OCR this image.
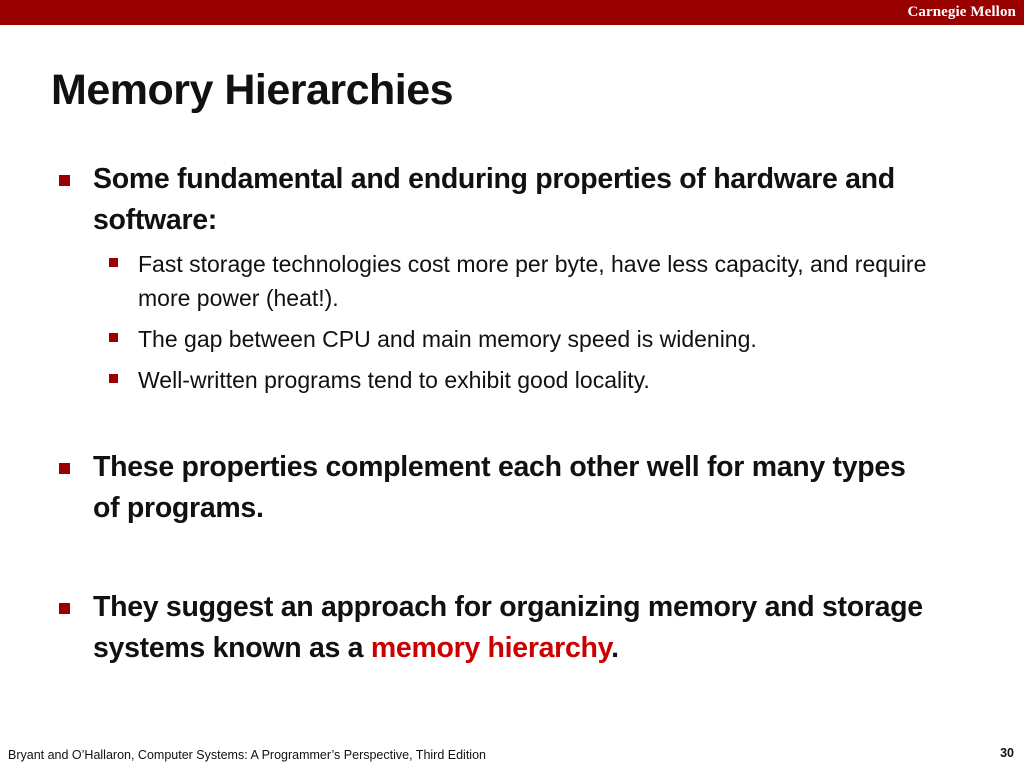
Carnegie Mellon
Memory Hierarchies
Some fundamental and enduring properties of hardware and software:
Fast storage technologies cost more per byte, have less capacity, and require more power (heat!).
The gap between CPU and main memory speed is widening.
Well-written programs tend to exhibit good locality.
These properties complement each other well for many types of programs.
They suggest an approach for organizing memory and storage systems known as a memory hierarchy.
Bryant and O’Hallaron, Computer Systems: A Programmer’s Perspective, Third Edition	30
